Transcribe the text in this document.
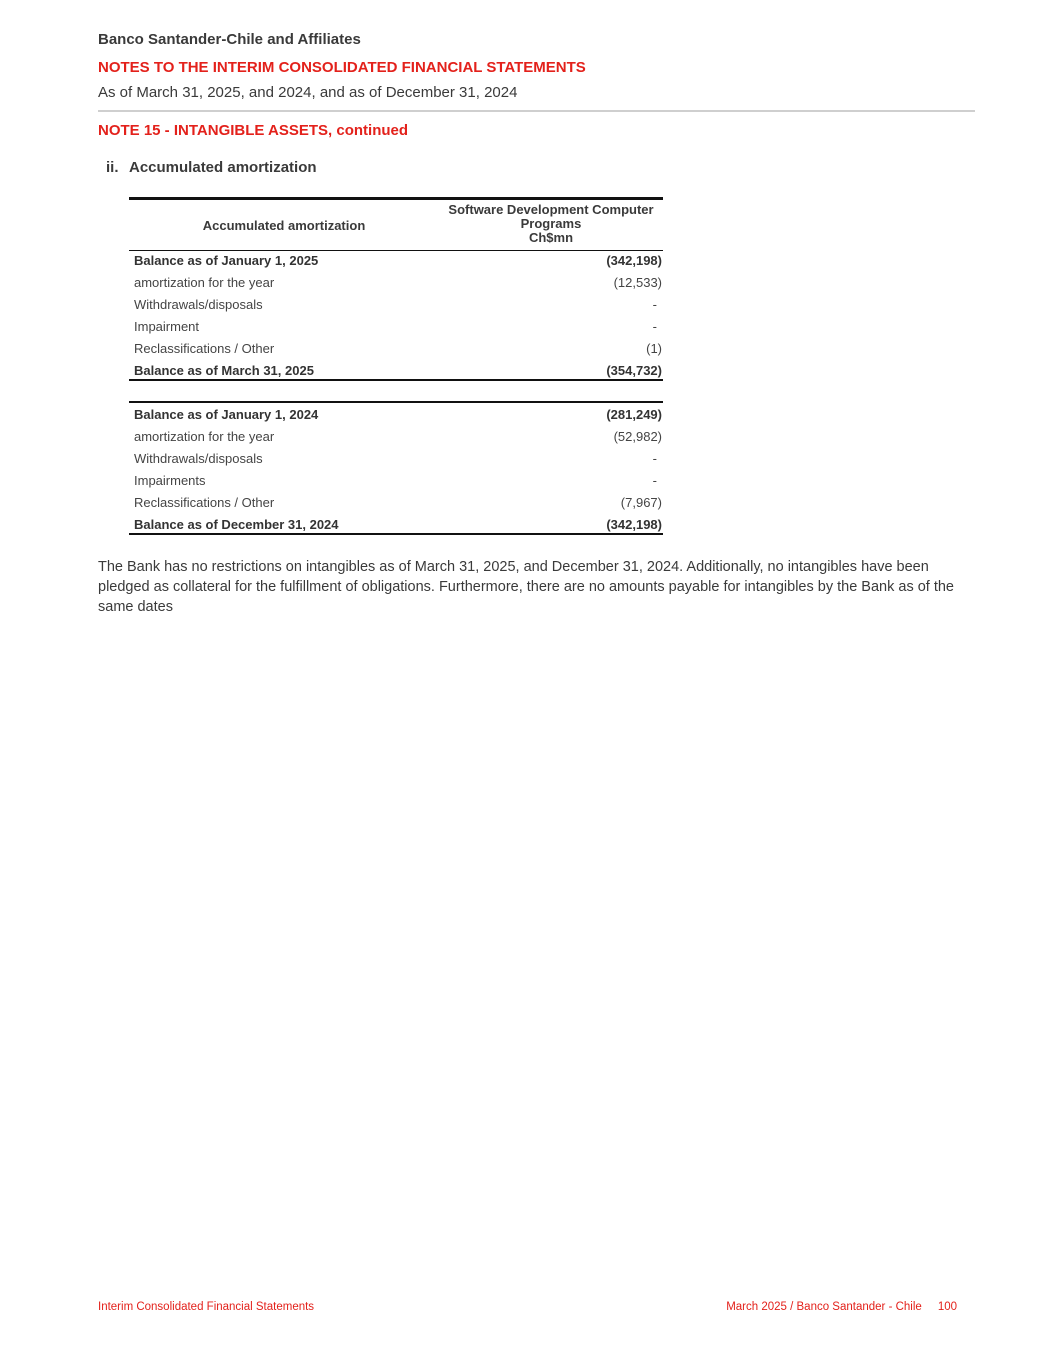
Banco Santander-Chile and Affiliates
NOTES TO THE INTERIM CONSOLIDATED FINANCIAL STATEMENTS
As of March 31, 2025, and 2024, and as of December 31, 2024
NOTE 15 - INTANGIBLE ASSETS, continued
ii. Accumulated amortization
Accumulated amortization
Software Development Computer
Programs
Ch$mn
Balance as of January 1, 2025	(342,198)
amortization for the year	(12,533)
Withdrawals/disposals	-
Impairment	-
Reclassifications / Other	(1)
Balance as of March 31, 2025	(354,732)
Balance as of January 1, 2024	(281,249)
amortization for the year	(52,982)
Withdrawals/disposals	-
Impairments	-
Reclassifications / Other	(7,967)
Balance as of December 31, 2024	(342,198)
The Bank has no restrictions on intangibles as of March 31, 2025, and December 31, 2024. Additionally, no intangibles have been pledged as collateral for the fulfillment of obligations. Furthermore, there are no amounts payable for intangibles by the Bank as of the same dates
Interim Consolidated Financial Statements	March 2025 / Banco Santander - Chile 100
